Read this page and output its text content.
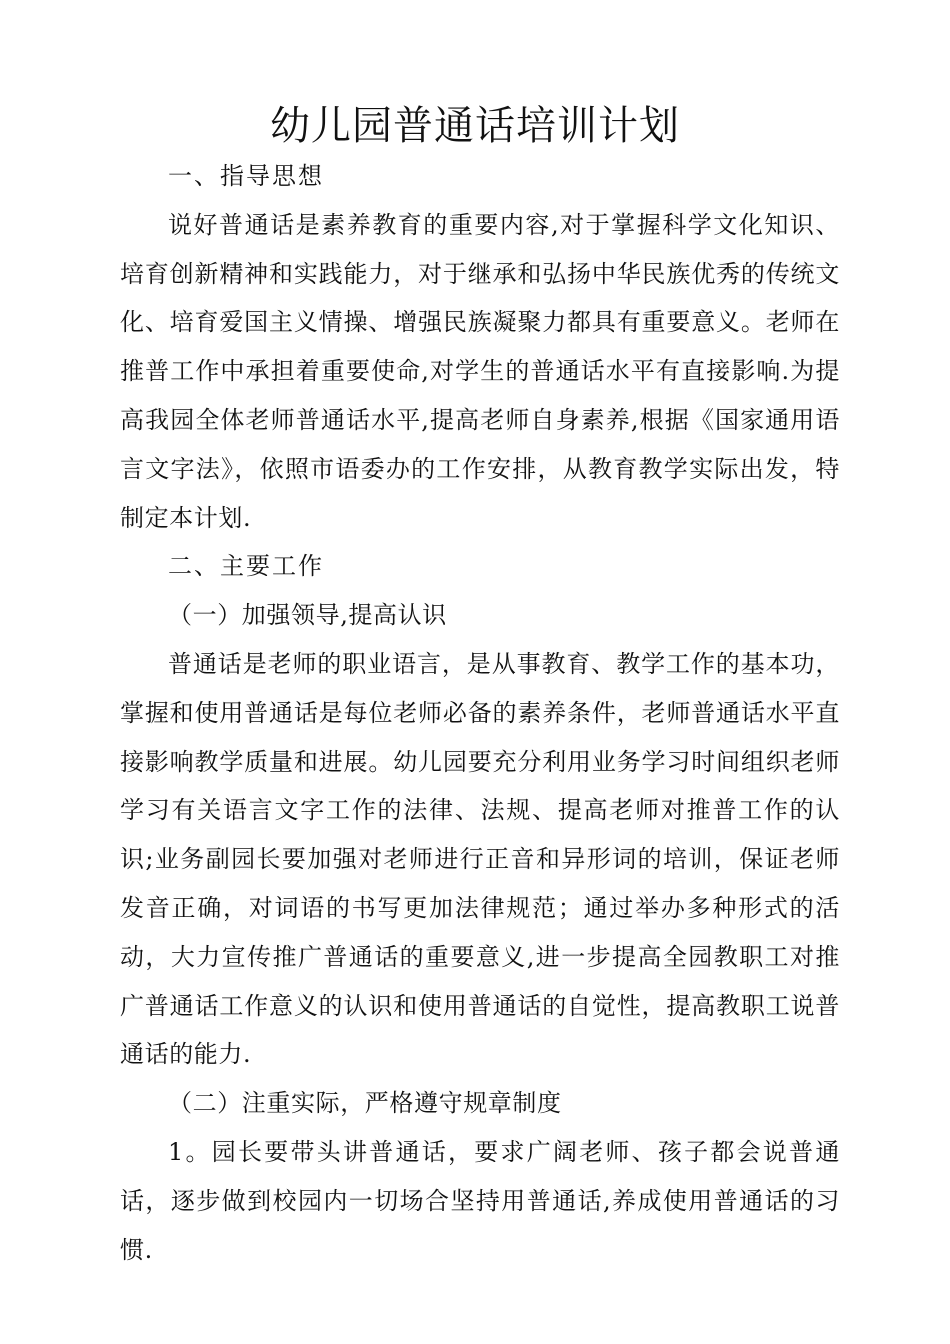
幼儿园普通话培训计划

一、指导思想

说好普通话是素养教育的重要内容,对于掌握科学文化知识、培育创新精神和实践能力，对于继承和弘扬中华民族优秀的传统文化、培育爱国主义情操、增强民族凝聚力都具有重要意义。老师在推普工作中承担着重要使命,对学生的普通话水平有直接影响.为提高我园全体老师普通话水平,提高老师自身素养,根据《国家通用语言文字法》，依照市语委办的工作安排，从教育教学实际出发，特制定本计划.

二、主要工作

（一）加强领导,提高认识

普通话是老师的职业语言，是从事教育、教学工作的基本功，掌握和使用普通话是每位老师必备的素养条件，老师普通话水平直接影响教学质量和进展。幼儿园要充分利用业务学习时间组织老师学习有关语言文字工作的法律、法规、提高老师对推普工作的认识;业务副园长要加强对老师进行正音和异形词的培训，保证老师发音正确，对词语的书写更加法律规范；通过举办多种形式的活动，大力宣传推广普通话的重要意义,进一步提高全园教职工对推广普通话工作意义的认识和使用普通话的自觉性，提高教职工说普通话的能力.

（二）注重实际，严格遵守规章制度

1。园长要带头讲普通话，要求广阔老师、孩子都会说普通话，逐步做到校园内一切场合坚持用普通话,养成使用普通话的习惯.
